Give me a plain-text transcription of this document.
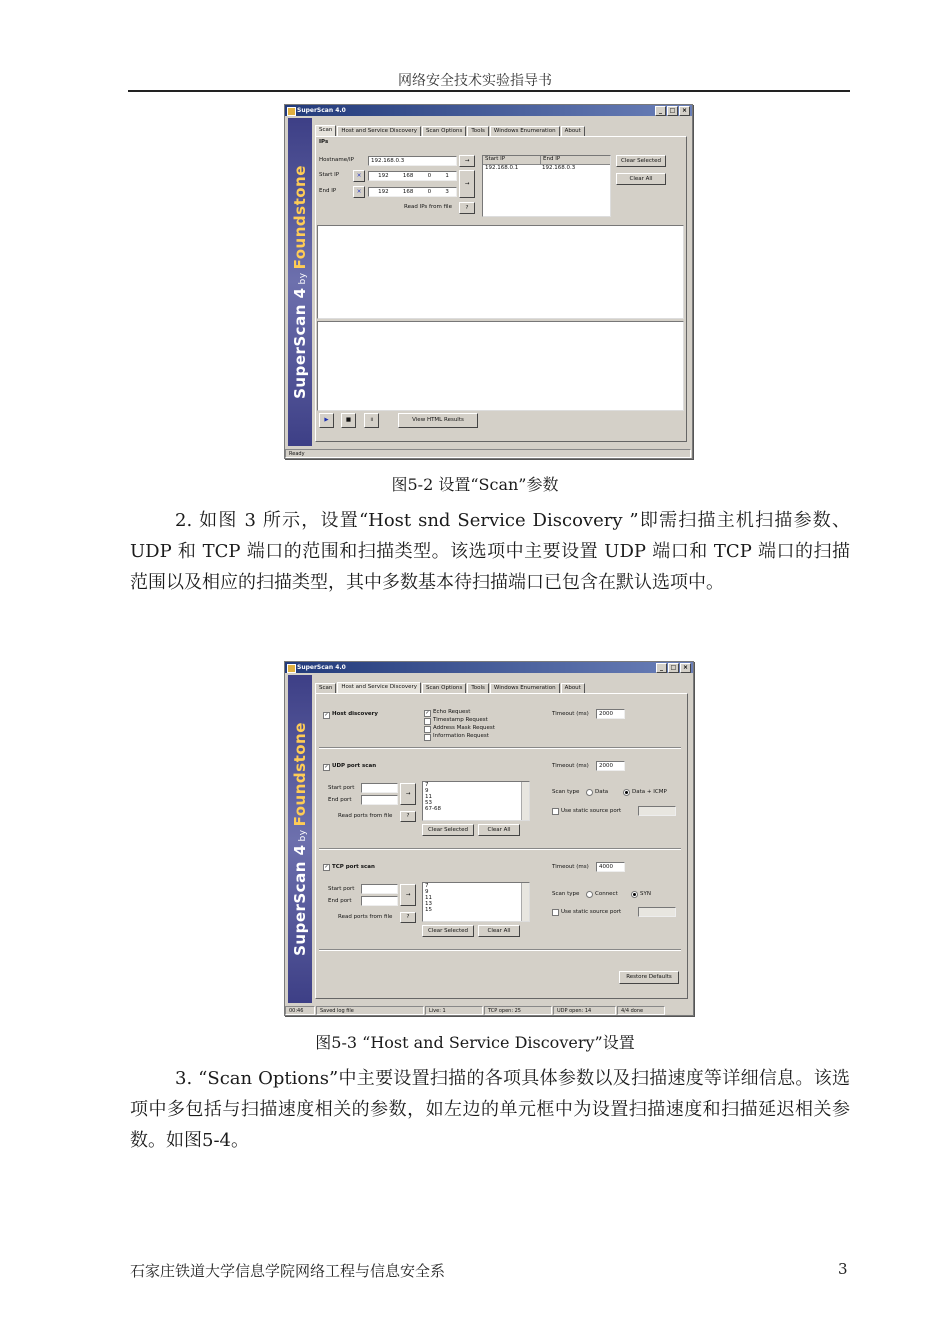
网络安全技术实验指导书
SuperScan 4.0	_	□	×
SuperScan 4byFoundstone
Scan	Host and Service Discovery	Scan Options	Tools	Windows Enumeration	About
IPs
Hostname/IP	192.168.0.3	→
Start IP	✕	192	168	0	1
End IP	✕	192	168	0	3
→
Read IPs from file	?
Start IP	End IP
192.168.0.1	192.168.0.3
Clear Selected
Clear All
▶	■	॥	View HTML Results
Ready
图5-2 设置“Scan”参数
2. 如图 3 所示，设置“Host snd Service Discovery ”即需扫描主机扫描参数、UDP 和 TCP 端口的范围和扫描类型。该选项中主要设置 UDP 端口和 TCP 端口的扫描范围以及相应的扫描类型，其中多数基本待扫描端口已包含在默认选项中。
SuperScan 4.0	_	□	×
SuperScan 4byFoundstone
Scan	Host and Service Discovery	Scan Options	Tools	Windows Enumeration	About
✓ Host discovery	✓ Echo Request
Timestamp Request
Address Mask Request
Information Request
Timeout (ms)	2000
✓ UDP port scan	Timeout (ms)	2000
Start port
End port
→
Read ports from file	?
7
9
11
53
67-68
Clear Selected	Clear All
Scan type	Data	Data + ICMP
Use static source port
✓ TCP port scan	Timeout (ms)	4000
Start port
End port
→
Read ports from file	?
7
9
11
13
15
Clear Selected	Clear All
Scan type	Connect	SYN
Use static source port
Restore Defaults
00:46	Saved log file	Live: 1	TCP open: 25	UDP open: 14	4/4 done
图5-3 “Host and Service Discovery”设置
3. “Scan Options”中主要设置扫描的各项具体参数以及扫描速度等详细信息。该选项中多包括与扫描速度相关的参数，如左边的单元框中为设置扫描速度和扫描延迟相关参数。如图5-4。
石家庄铁道大学信息学院网络工程与信息安全系	3
